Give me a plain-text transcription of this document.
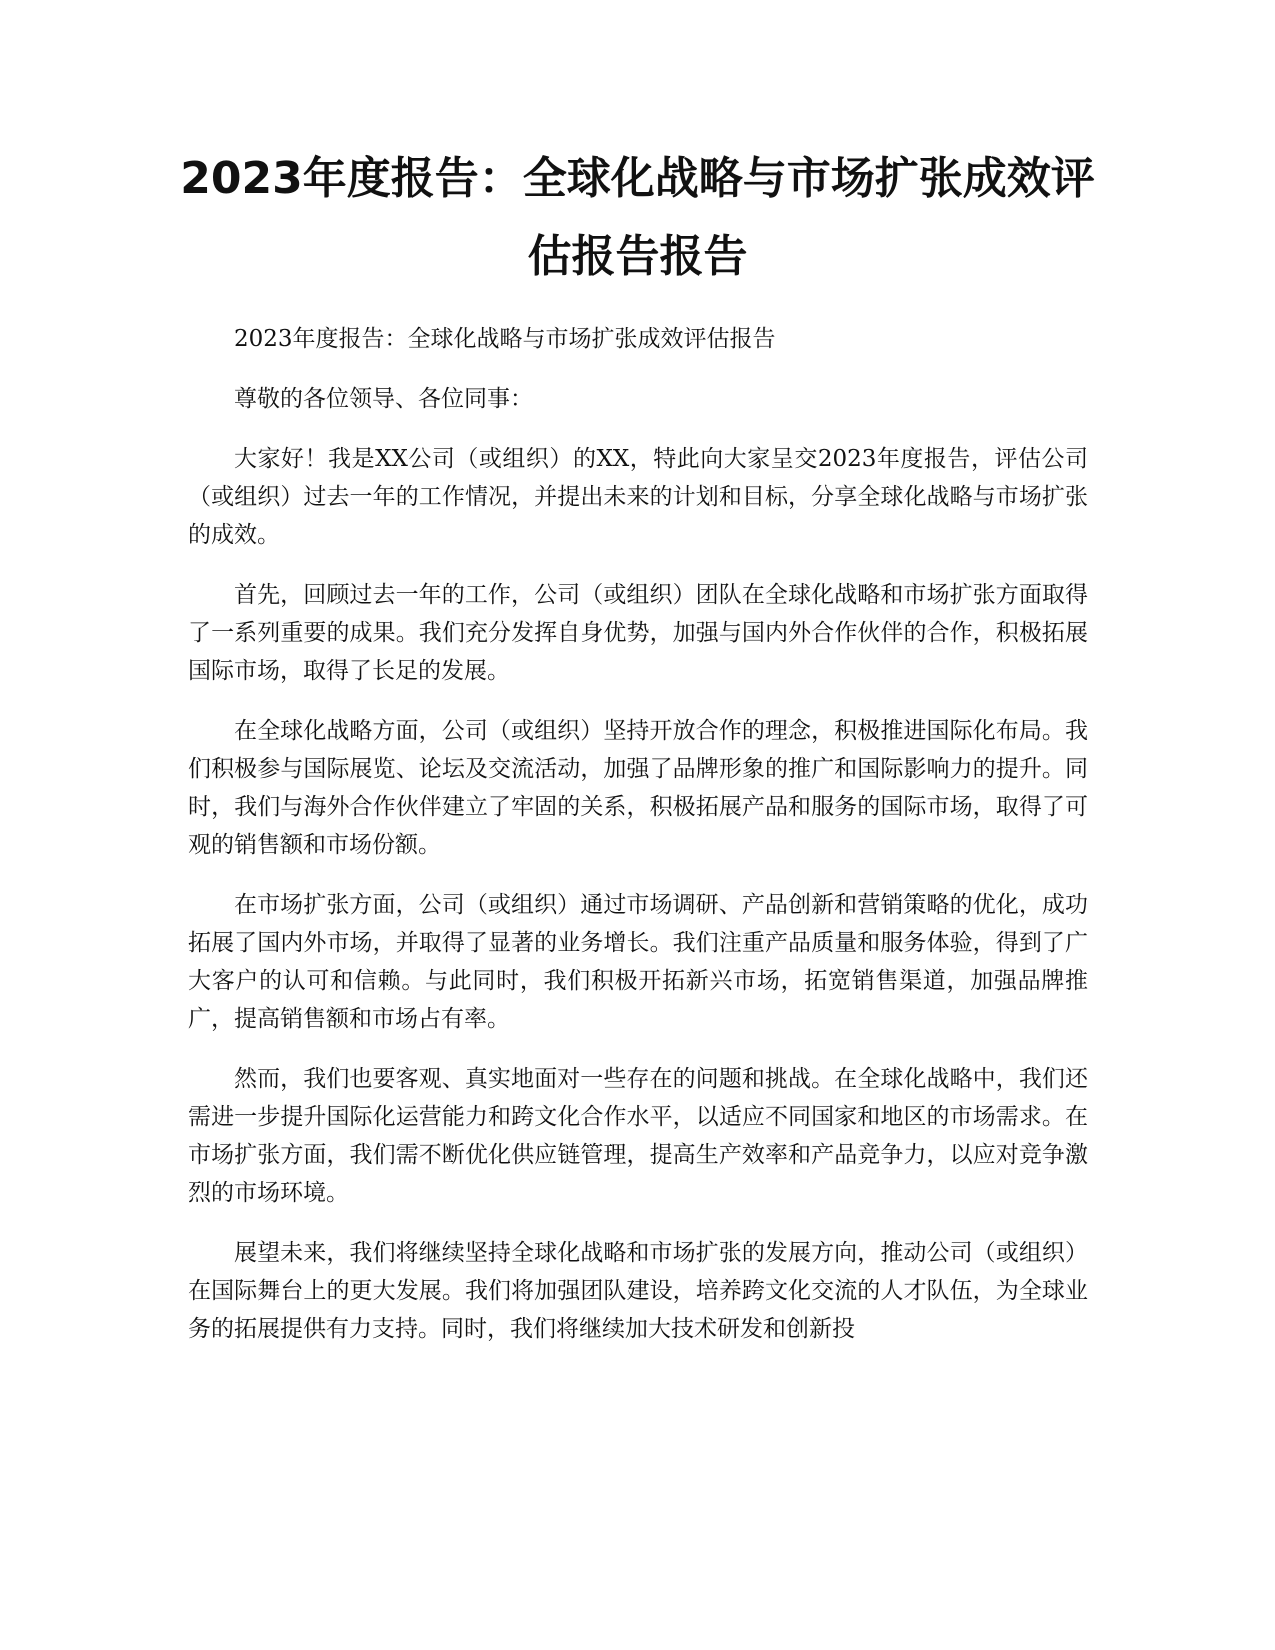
2023年度报告：全球化战略与市场扩张成效评估报告报告

2023年度报告：全球化战略与市场扩张成效评估报告

尊敬的各位领导、各位同事：

大家好！我是XX公司（或组织）的XX，特此向大家呈交2023年度报告，评估公司（或组织）过去一年的工作情况，并提出未来的计划和目标，分享全球化战略与市场扩张的成效。

首先，回顾过去一年的工作，公司（或组织）团队在全球化战略和市场扩张方面取得了一系列重要的成果。我们充分发挥自身优势，加强与国内外合作伙伴的合作，积极拓展国际市场，取得了长足的发展。

在全球化战略方面，公司（或组织）坚持开放合作的理念，积极推进国际化布局。我们积极参与国际展览、论坛及交流活动，加强了品牌形象的推广和国际影响力的提升。同时，我们与海外合作伙伴建立了牢固的关系，积极拓展产品和服务的国际市场，取得了可观的销售额和市场份额。

在市场扩张方面，公司（或组织）通过市场调研、产品创新和营销策略的优化，成功拓展了国内外市场，并取得了显著的业务增长。我们注重产品质量和服务体验，得到了广大客户的认可和信赖。与此同时，我们积极开拓新兴市场，拓宽销售渠道，加强品牌推广，提高销售额和市场占有率。

然而，我们也要客观、真实地面对一些存在的问题和挑战。在全球化战略中，我们还需进一步提升国际化运营能力和跨文化合作水平，以适应不同国家和地区的市场需求。在市场扩张方面，我们需不断优化供应链管理，提高生产效率和产品竞争力，以应对竞争激烈的市场环境。

展望未来，我们将继续坚持全球化战略和市场扩张的发展方向，推动公司（或组织）在国际舞台上的更大发展。我们将加强团队建设，培养跨文化交流的人才队伍，为全球业务的拓展提供有力支持。同时，我们将继续加大技术研发和创新投
